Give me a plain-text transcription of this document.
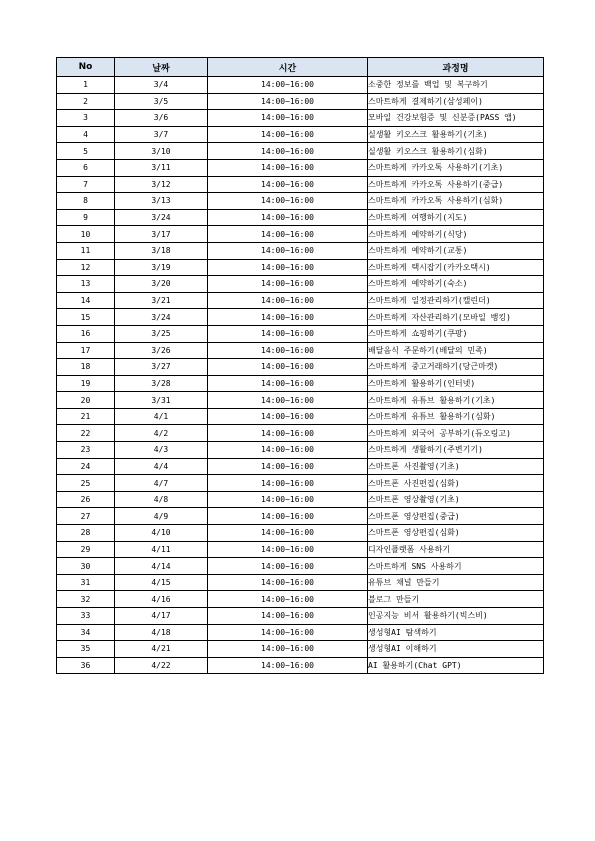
No	날짜	시간	과정명
1	3/4	14:00~16:00	소중한 정보를 백업 및 복구하기
2	3/5	14:00~16:00	스마트하게 결제하기(삼성페이)
3	3/6	14:00~16:00	모바일 건강보험증 및 신분증(PASS 앱)
4	3/7	14:00~16:00	실생활 키오스크 활용하기(기초)
5	3/10	14:00~16:00	실생활 키오스크 활용하기(심화)
6	3/11	14:00~16:00	스마트하게 카카오톡 사용하기(기초)
7	3/12	14:00~16:00	스마트하게 카카오톡 사용하기(중급)
8	3/13	14:00~16:00	스마트하게 카카오톡 사용하기(심화)
9	3/24	14:00~16:00	스마트하게 여행하기(지도)
10	3/17	14:00~16:00	스마트하게 예약하기(식당)
11	3/18	14:00~16:00	스마트하게 예약하기(교통)
12	3/19	14:00~16:00	스마트하게 택시잡기(카카오택시)
13	3/20	14:00~16:00	스마트하게 예약하기(숙소)
14	3/21	14:00~16:00	스마트하게 일정관리하기(캘린더)
15	3/24	14:00~16:00	스마트하게 자산관리하기(모바일 뱅킹)
16	3/25	14:00~16:00	스마트하게 쇼핑하기(쿠팡)
17	3/26	14:00~16:00	배달음식 주문하기(배달의 민족)
18	3/27	14:00~16:00	스마트하게 중고거래하기(당근마켓)
19	3/28	14:00~16:00	스마트하게 활용하기(인터넷)
20	3/31	14:00~16:00	스마트하게 유튜브 활용하기(기초)
21	4/1	14:00~16:00	스마트하게 유튜브 활용하기(심화)
22	4/2	14:00~16:00	스마트하게 외국어 공부하기(듀오링고)
23	4/3	14:00~16:00	스마트하게 생활하기(주변기기)
24	4/4	14:00~16:00	스마트폰 사진촬영(기초)
25	4/7	14:00~16:00	스마트폰 사진편집(심화)
26	4/8	14:00~16:00	스마트폰 영상촬영(기초)
27	4/9	14:00~16:00	스마트폰 영상편집(중급)
28	4/10	14:00~16:00	스마트폰 영상편집(심화)
29	4/11	14:00~16:00	디자인플랫폼 사용하기
30	4/14	14:00~16:00	스마트하게 SNS 사용하기
31	4/15	14:00~16:00	유튜브 채널 만들기
32	4/16	14:00~16:00	블로그 만들기
33	4/17	14:00~16:00	인공지능 비서 활용하기(빅스비)
34	4/18	14:00~16:00	생성형AI 탐색하기
35	4/21	14:00~16:00	생성형AI 이해하기
36	4/22	14:00~16:00	AI 활용하기(Chat GPT)
